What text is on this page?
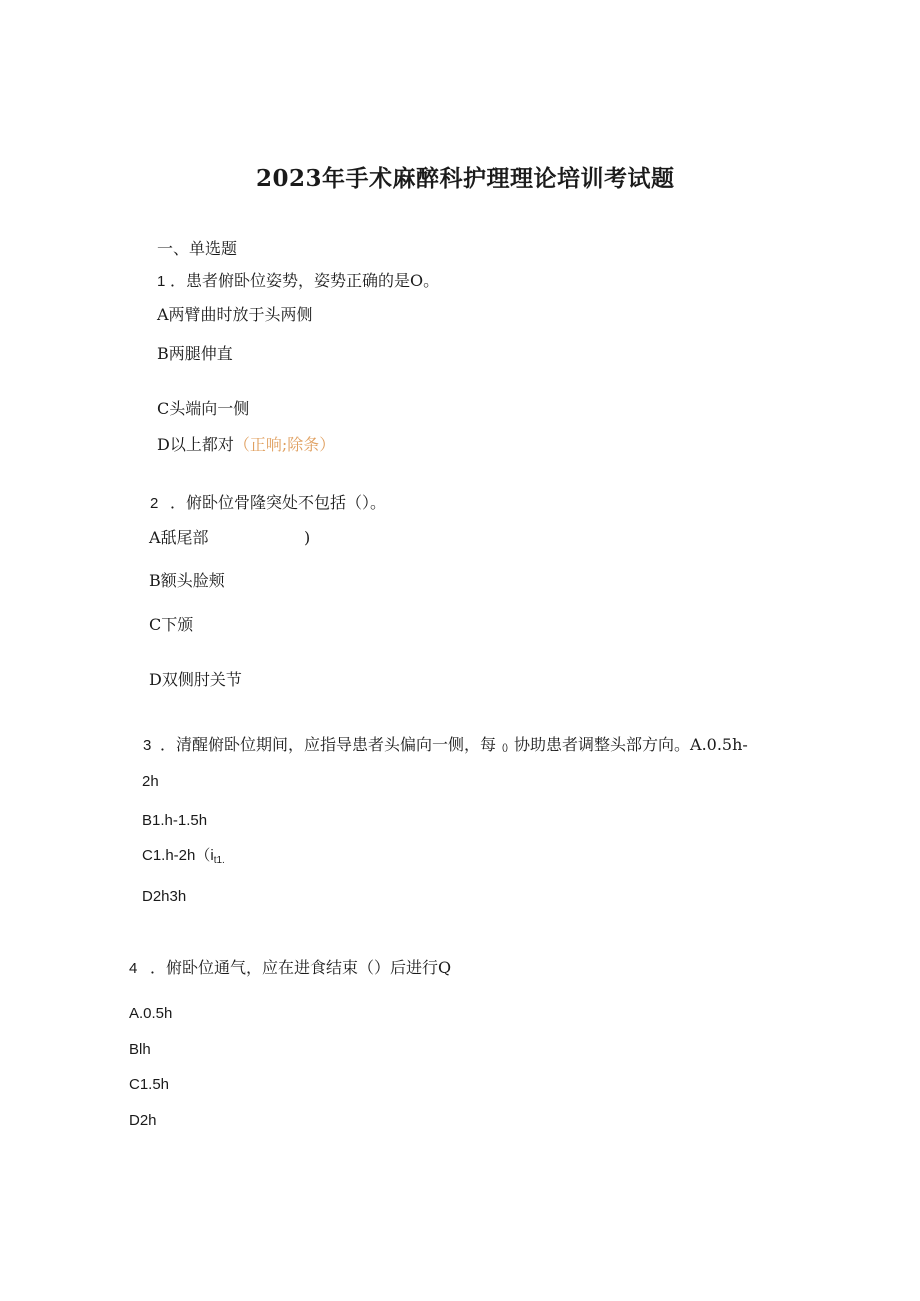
2023年手术麻醉科护理理论培训考试题
一、单选题
1 ．患者俯卧位姿势，姿势正确的是O。
A两臂曲时放于头两侧
B两腿伸直
C头端向一侧
D以上都对（正响;除条）
2 ．俯卧位骨隆突处不包括（）。
A舐尾部	)
B额头脸颊
C下颁
D双侧肘关节
3 ．清醒俯卧位期间，应指导患者头偏向一侧，每 () 协助患者调整头部方向。A.0.5h-
2h
B1.h-1.5h
$C1.h-2h(i_{t1.}$
D2h3h
4 ．俯卧位通气，应在进食结束（）后进行Q
A.0.5h
Blh
C1.5h
D2h
